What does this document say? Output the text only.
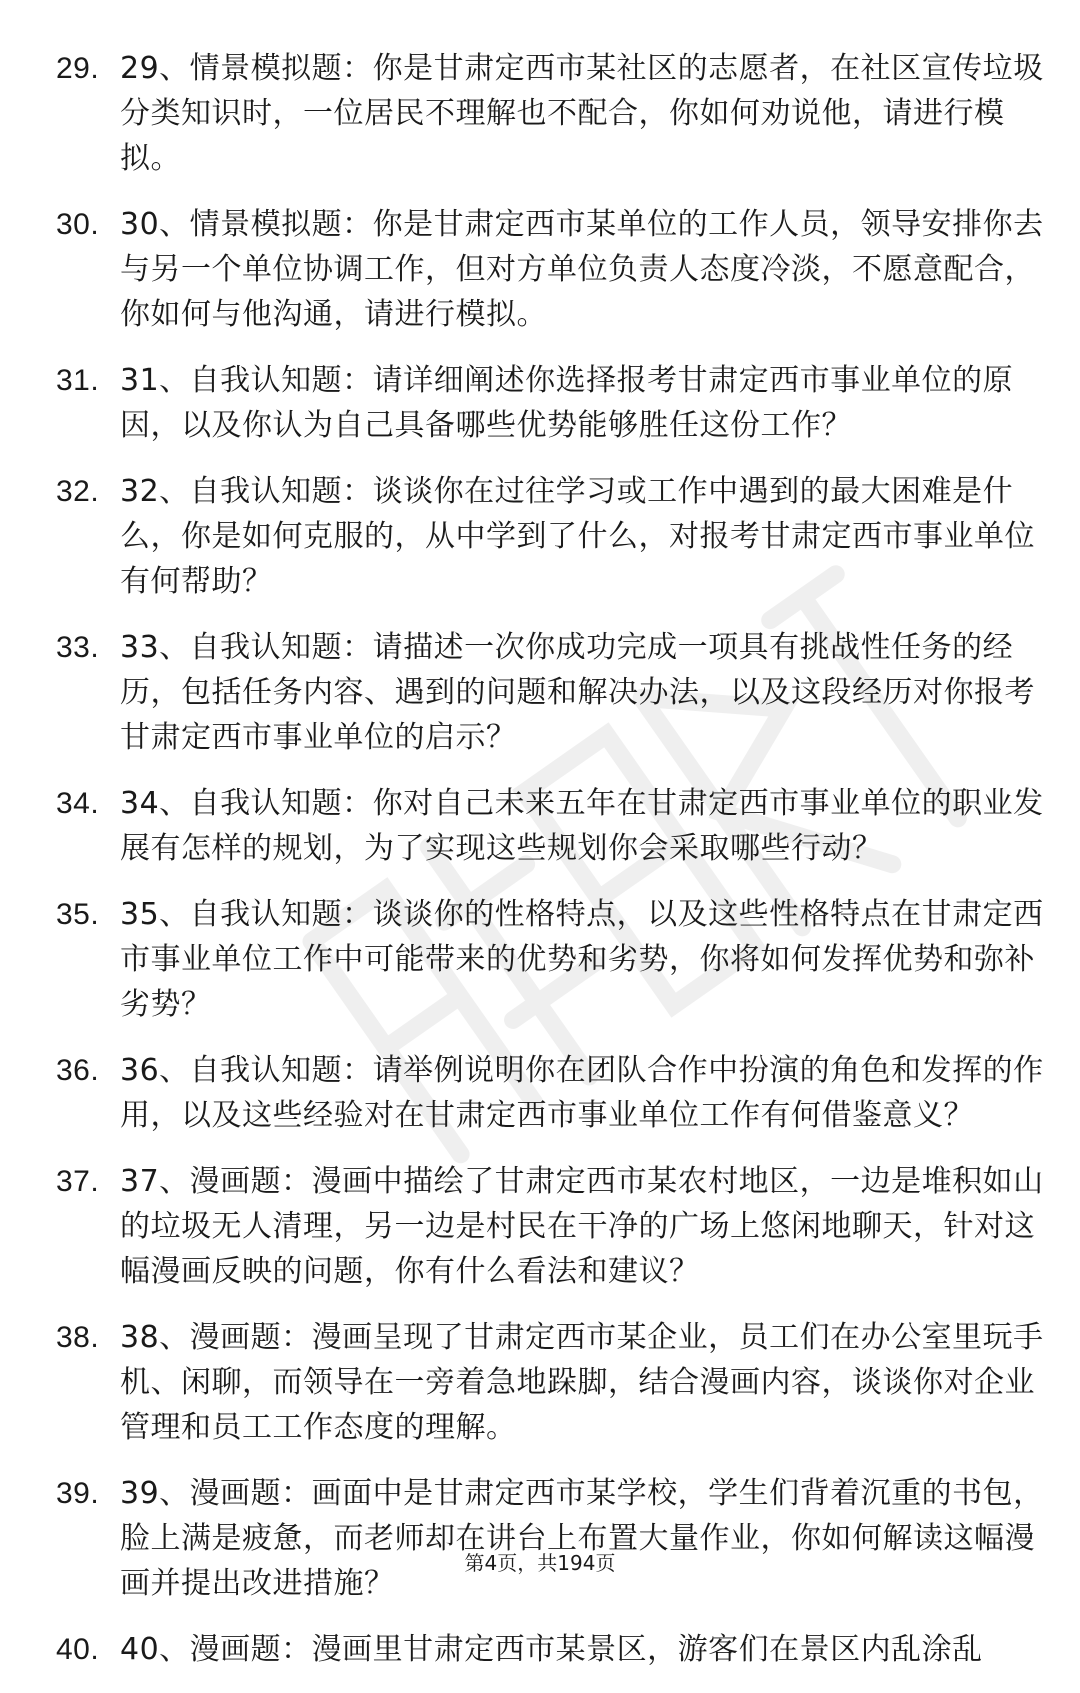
29. 29、情景模拟题：你是甘肃定西市某社区的志愿者，在社区宣传垃圾分类知识时，一位居民不理解也不配合，你如何劝说他，请进行模拟。
30. 30、情景模拟题：你是甘肃定西市某单位的工作人员，领导安排你去与另一个单位协调工作，但对方单位负责人态度冷淡，不愿意配合，你如何与他沟通，请进行模拟。
31. 31、自我认知题：请详细阐述你选择报考甘肃定西市事业单位的原因，以及你认为自己具备哪些优势能够胜任这份工作？
32. 32、自我认知题：谈谈你在过往学习或工作中遇到的最大困难是什么，你是如何克服的，从中学到了什么，对报考甘肃定西市事业单位有何帮助？
33. 33、自我认知题：请描述一次你成功完成一项具有挑战性任务的经历，包括任务内容、遇到的问题和解决办法，以及这段经历对你报考甘肃定西市事业单位的启示？
34. 34、自我认知题：你对自己未来五年在甘肃定西市事业单位的职业发展有怎样的规划，为了实现这些规划你会采取哪些行动？
35. 35、自我认知题：谈谈你的性格特点，以及这些性格特点在甘肃定西市事业单位工作中可能带来的优势和劣势，你将如何发挥优势和弥补劣势？
36. 36、自我认知题：请举例说明你在团队合作中扮演的角色和发挥的作用，以及这些经验对在甘肃定西市事业单位工作有何借鉴意义？
37. 37、漫画题：漫画中描绘了甘肃定西市某农村地区，一边是堆积如山的垃圾无人清理，另一边是村民在干净的广场上悠闲地聊天，针对这幅漫画反映的问题，你有什么看法和建议？
38. 38、漫画题：漫画呈现了甘肃定西市某企业，员工们在办公室里玩手机、闲聊，而领导在一旁着急地跺脚，结合漫画内容，谈谈你对企业管理和员工工作态度的理解。
39. 39、漫画题：画面中是甘肃定西市某学校，学生们背着沉重的书包，脸上满是疲惫，而老师却在讲台上布置大量作业，你如何解读这幅漫画并提出改进措施？
40. 40、漫画题：漫画里甘肃定西市某景区，游客们在景区内乱涂乱
第4页，共194页
